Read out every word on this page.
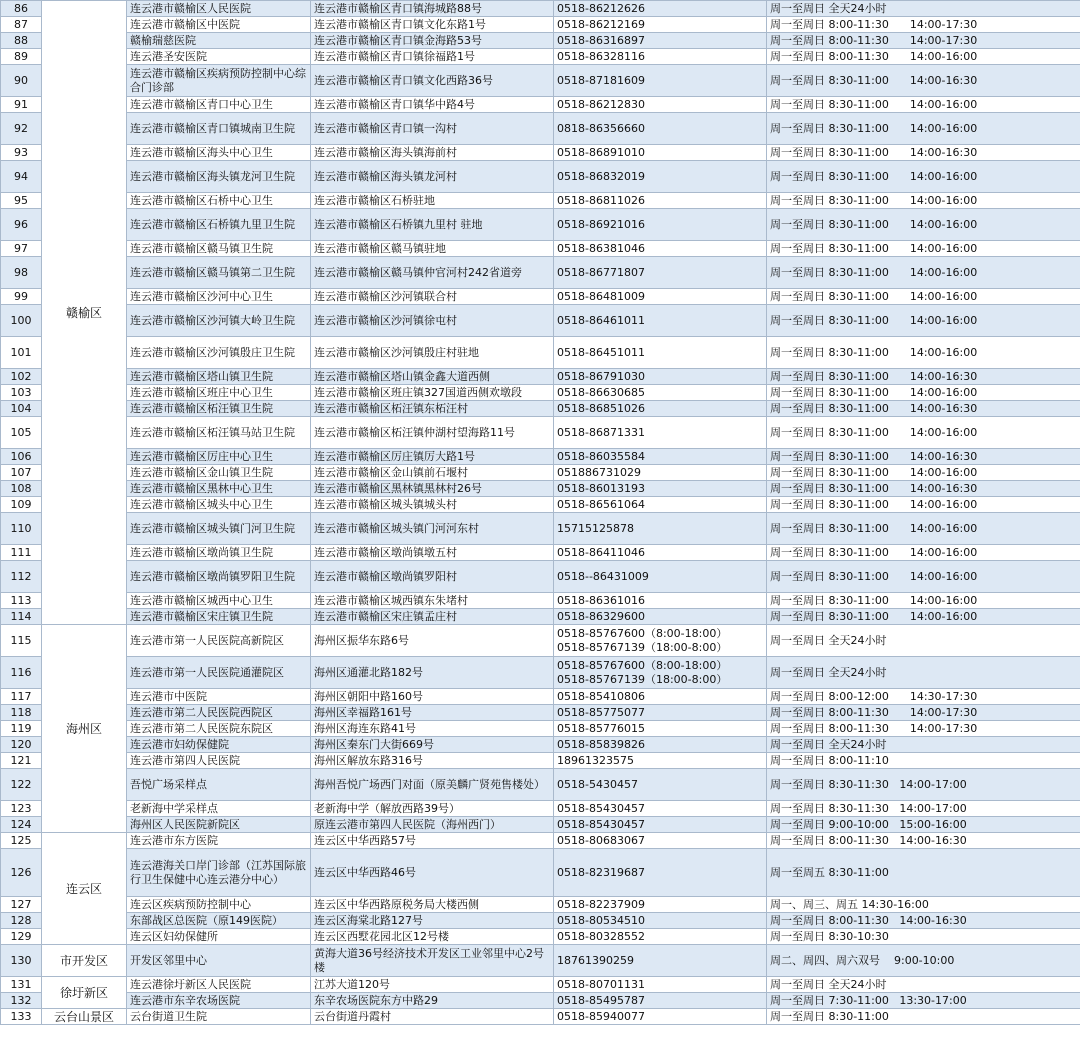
86	赣榆区	连云港市赣榆区人民医院	连云港市赣榆区青口镇海城路88号	0518-86212626	周一至周日 全天24小时
87		连云港市赣榆区中医院	连云港市赣榆区青口镇文化东路1号	0518-86212169	周一至周日 8:00-11:30      14:00-17:30
88		赣榆瑞慈医院	连云港市赣榆区青口镇金海路53号	0518-86316897	周一至周日 8:00-11:30      14:00-17:30
89		连云港圣安医院	连云港市赣榆区青口镇徐福路1号	0518-86328116	周一至周日 8:00-11:30      14:00-16:00
90		连云港市赣榆区疾病预防控制中心综合门诊部	连云港市赣榆区青口镇文化西路36号	0518-87181609	周一至周日 8:30-11:00      14:00-16:30
91		连云港市赣榆区青口中心卫生	连云港市赣榆区青口镇华中路4号	0518-86212830	周一至周日 8:30-11:00      14:00-16:00
92		连云港市赣榆区青口镇城南卫生院	连云港市赣榆区青口镇一沟村	0818-86356660	周一至周日 8:30-11:00      14:00-16:00
93		连云港市赣榆区海头中心卫生	连云港市赣榆区海头镇海前村	0518-86891010	周一至周日 8:30-11:00      14:00-16:30
94		连云港市赣榆区海头镇龙河卫生院	连云港市赣榆区海头镇龙河村	0518-86832019	周一至周日 8:30-11:00      14:00-16:00
95		连云港市赣榆区石桥中心卫生	连云港市赣榆区石桥驻地	0518-86811026	周一至周日 8:30-11:00      14:00-16:00
96		连云港市赣榆区石桥镇九里卫生院	连云港市赣榆区石桥镇九里村 驻地	0518-86921016	周一至周日 8:30-11:00      14:00-16:00
97		连云港市赣榆区赣马镇卫生院	连云港市赣榆区赣马镇驻地	0518-86381046	周一至周日 8:30-11:00      14:00-16:00
98		连云港市赣榆区赣马镇第二卫生院	连云港市赣榆区赣马镇仲官河村242省道旁	0518-86771807	周一至周日 8:30-11:00      14:00-16:00
99		连云港市赣榆区沙河中心卫生	连云港市赣榆区沙河镇联合村	0518-86481009	周一至周日 8:30-11:00      14:00-16:00
100		连云港市赣榆区沙河镇大岭卫生院	连云港市赣榆区沙河镇徐屯村	0518-86461011	周一至周日 8:30-11:00      14:00-16:00
101		连云港市赣榆区沙河镇殷庄卫生院	连云港市赣榆区沙河镇殷庄村驻地	0518-86451011	周一至周日 8:30-11:00      14:00-16:00
102		连云港市赣榆区塔山镇卫生院	连云港市赣榆区塔山镇金鑫大道西侧	0518-86791030	周一至周日 8:30-11:00      14:00-16:30
103		连云港市赣榆区班庄中心卫生	连云港市赣榆区班庄镇327国道西侧欢墩段	0518-86630685	周一至周日 8:30-11:00      14:00-16:00
104		连云港市赣榆区柘汪镇卫生院	连云港市赣榆区柘汪镇东柘汪村	0518-86851026	周一至周日 8:30-11:00      14:00-16:30
105		连云港市赣榆区柘汪镇马站卫生院	连云港市赣榆区柘汪镇仲湖村望海路11号	0518-86871331	周一至周日 8:30-11:00      14:00-16:00
106		连云港市赣榆区厉庄中心卫生	连云港市赣榆区厉庄镇厉大路1号	0518-86035584	周一至周日 8:30-11:00      14:00-16:30
107		连云港市赣榆区金山镇卫生院	连云港市赣榆区金山镇前石堰村	051886731029	周一至周日 8:30-11:00      14:00-16:00
108		连云港市赣榆区黑林中心卫生	连云港市赣榆区黑林镇黑林村26号	0518-86013193	周一至周日 8:30-11:00      14:00-16:30
109		连云港市赣榆区城头中心卫生	连云港市赣榆区城头镇城头村	0518-86561064	周一至周日 8:30-11:00      14:00-16:00
110		连云港市赣榆区城头镇门河卫生院	连云港市赣榆区城头镇门河河东村	15715125878	周一至周日 8:30-11:00      14:00-16:00
111		连云港市赣榆区墩尚镇卫生院	连云港市赣榆区墩尚镇墩五村	0518-86411046	周一至周日 8:30-11:00      14:00-16:00
112		连云港市赣榆区墩尚镇罗阳卫生院	连云港市赣榆区墩尚镇罗阳村	0518--86431009	周一至周日 8:30-11:00      14:00-16:00
113		连云港市赣榆区城西中心卫生	连云港市赣榆区城西镇东朱堵村	0518-86361016	周一至周日 8:30-11:00      14:00-16:00
114		连云港市赣榆区宋庄镇卫生院	连云港市赣榆区宋庄镇孟庄村	0518-86329600	周一至周日 8:30-11:00      14:00-16:00
115	海州区	连云港市第一人民医院高新院区	海州区振华东路6号	0518-85767600（8:00-18:00）
0518-85767139（18:00-8:00）	周一至周日 全天24小时
116		连云港市第一人民医院通灌院区	海州区通灌北路182号	0518-85767600（8:00-18:00）
0518-85767139（18:00-8:00）	周一至周日 全天24小时
117		连云港市中医院	海州区朝阳中路160号	0518-85410806	周一至周日 8:00-12:00      14:30-17:30
118		连云港市第二人民医院西院区	海州区幸福路161号	0518-85775077	周一至周日 8:00-11:30      14:00-17:30
119		连云港市第二人民医院东院区	海州区海连东路41号	0518-85776015	周一至周日 8:00-11:30      14:00-17:30
120		连云港市妇幼保健院	海州区秦东门大街669号	0518-85839826	周一至周日 全天24小时
121		连云港市第四人民医院	海州区解放东路316号	18961323575	周一至周日 8:00-11:10
122		吾悦广场采样点	海州吾悦广场西门对面（原美麟广贤苑售楼处）	0518-5430457	周一至周日 8:30-11:30   14:00-17:00
123		老新海中学采样点	老新海中学（解放西路39号）	0518-85430457	周一至周日 8:30-11:30   14:00-17:00
124		海州区人民医院新院区	原连云港市第四人民医院（海州西门）	0518-85430457	周一至周日 9:00-10:00   15:00-16:00
125	连云区	连云港市东方医院	连云区中华西路57号	0518-80683067	周一至周日 8:00-11:30   14:00-16:30
126		连云港海关口岸门诊部（江苏国际旅行卫生保健中心连云港分中心）	连云区中华西路46号	0518-82319687	周一至周五 8:30-11:00
127		连云区疾病预防控制中心	连云区中华西路原税务局大楼西侧	0518-82237909	周一、周三、周五 14:30-16:00
128		东部战区总医院（原149医院）	连云区海棠北路127号	0518-80534510	周一至周日 8:00-11:30   14:00-16:30
129		连云区妇幼保健所	连云区西墅花园北区12号楼	0518-80328552	周一至周日 8:30-10:30
130	市开发区	开发区邻里中心	黄海大道36号经济技术开发区工业邻里中心2号楼	18761390259	周二、周四、周六双号    9:00-10:00
131	徐圩新区	连云港徐圩新区人民医院	江苏大道120号	0518-80701131	周一至周日 全天24小时
132		连云港市东辛农场医院	东辛农场医院东方中路29	0518-85495787	周一至周日 7:30-11:00   13:30-17:00
133	云台山景区	云台街道卫生院	云台街道丹霞村	0518-85940077	周一至周日 8:30-11:00
